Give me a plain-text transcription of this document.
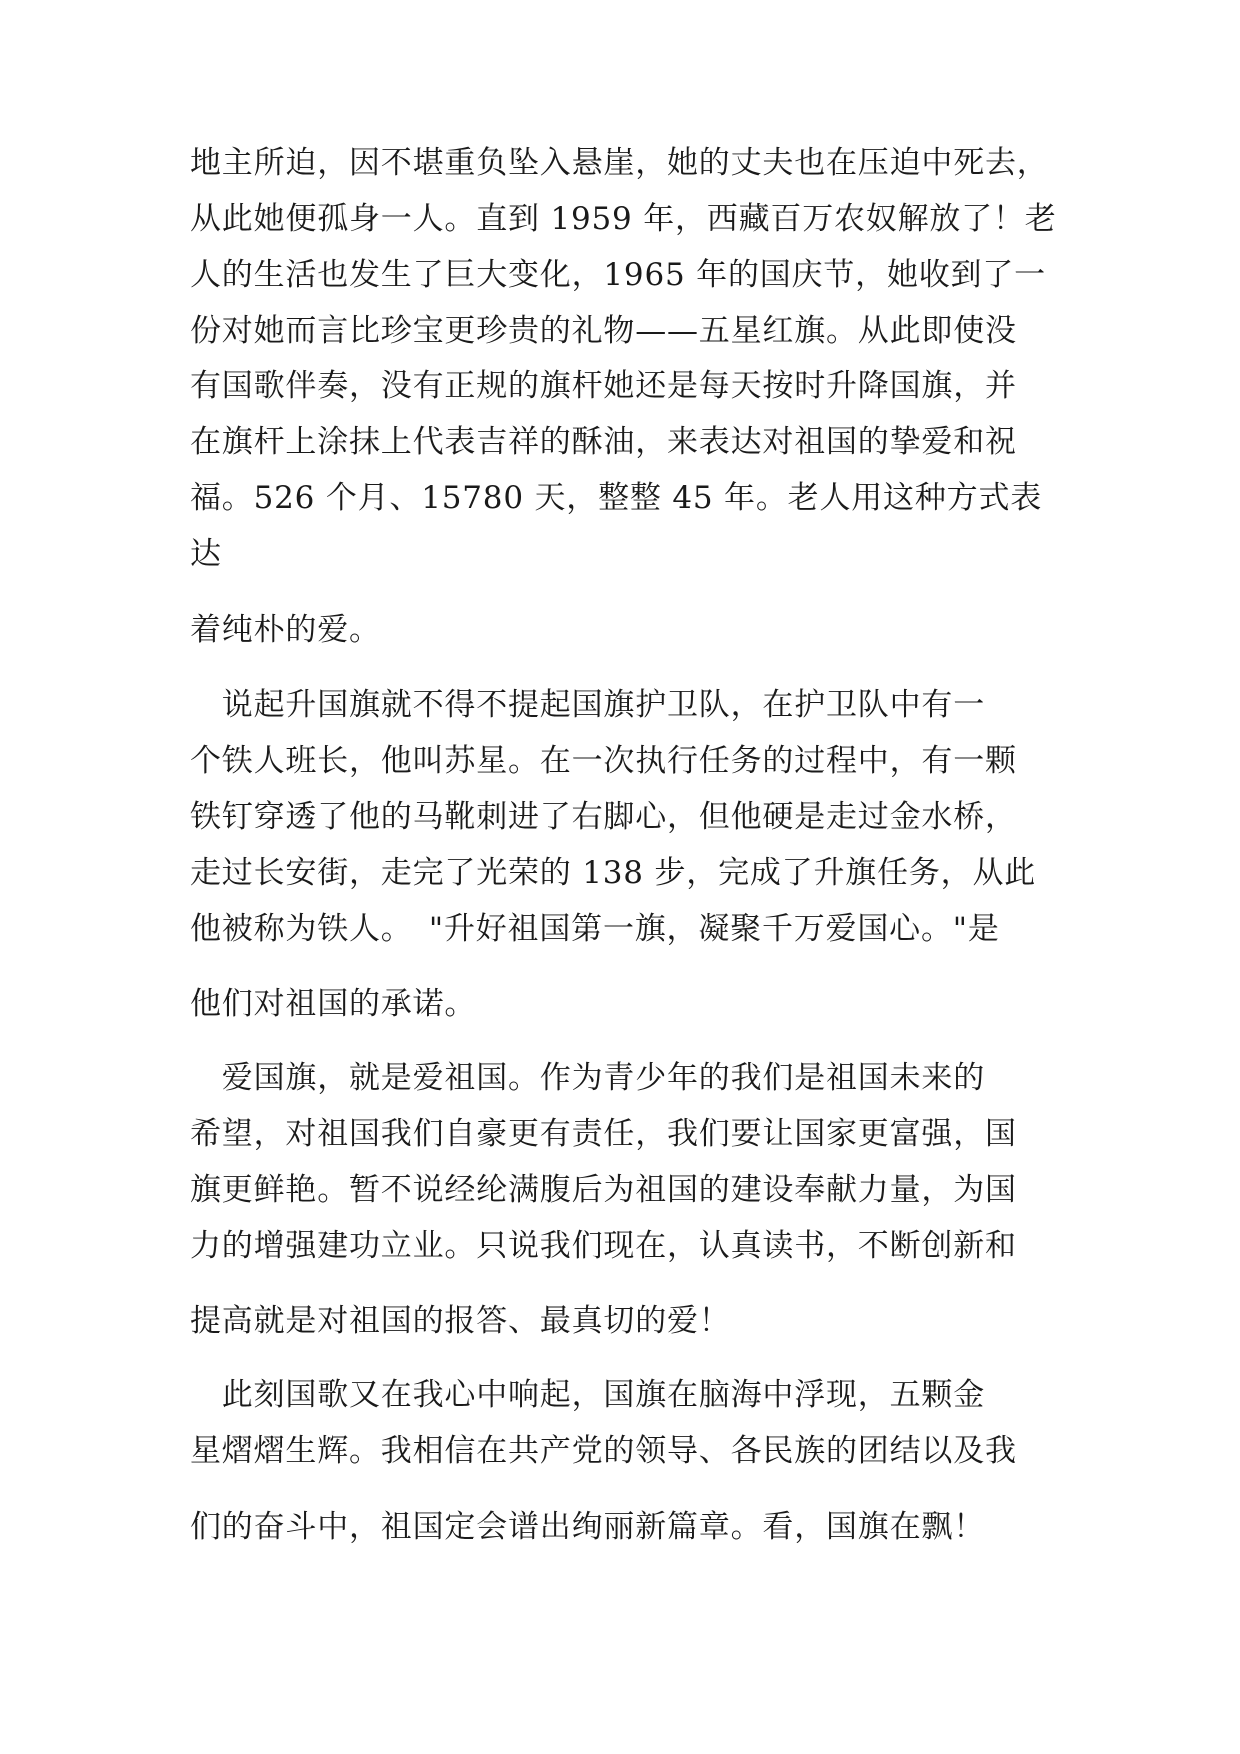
地主所迫，因不堪重负坠入悬崖，她的丈夫也在压迫中死去，
从此她便孤身一人。直到 1959 年，西藏百万农奴解放了！老
人的生活也发生了巨大变化，1965 年的国庆节，她收到了一
份对她而言比珍宝更珍贵的礼物——五星红旗。从此即使没
有国歌伴奏，没有正规的旗杆她还是每天按时升降国旗，并
在旗杆上涂抹上代表吉祥的酥油，来表达对祖国的挚爱和祝
福。526 个月、15780 天，整整 45 年。老人用这种方式表
达
着纯朴的爱。
　说起升国旗就不得不提起国旗护卫队，在护卫队中有一
个铁人班长，他叫苏星。在一次执行任务的过程中，有一颗
铁钉穿透了他的马靴刺进了右脚心，但他硬是走过金水桥，
走过长安街，走完了光荣的 138 步，完成了升旗任务，从此
他被称为铁人。　"升好祖国第一旗，凝聚千万爱国心。"是
他们对祖国的承诺。
　爱国旗，就是爱祖国。作为青少年的我们是祖国未来的
希望，对祖国我们自豪更有责任，我们要让国家更富强，国
旗更鲜艳。暂不说经纶满腹后为祖国的建设奉献力量，为国
力的增强建功立业。只说我们现在，认真读书，不断创新和
提高就是对祖国的报答、最真切的爱！
　此刻国歌又在我心中响起，国旗在脑海中浮现，五颗金
星熠熠生辉。我相信在共产党的领导、各民族的团结以及我
们的奋斗中，祖国定会谱出绚丽新篇章。看，国旗在飘！
